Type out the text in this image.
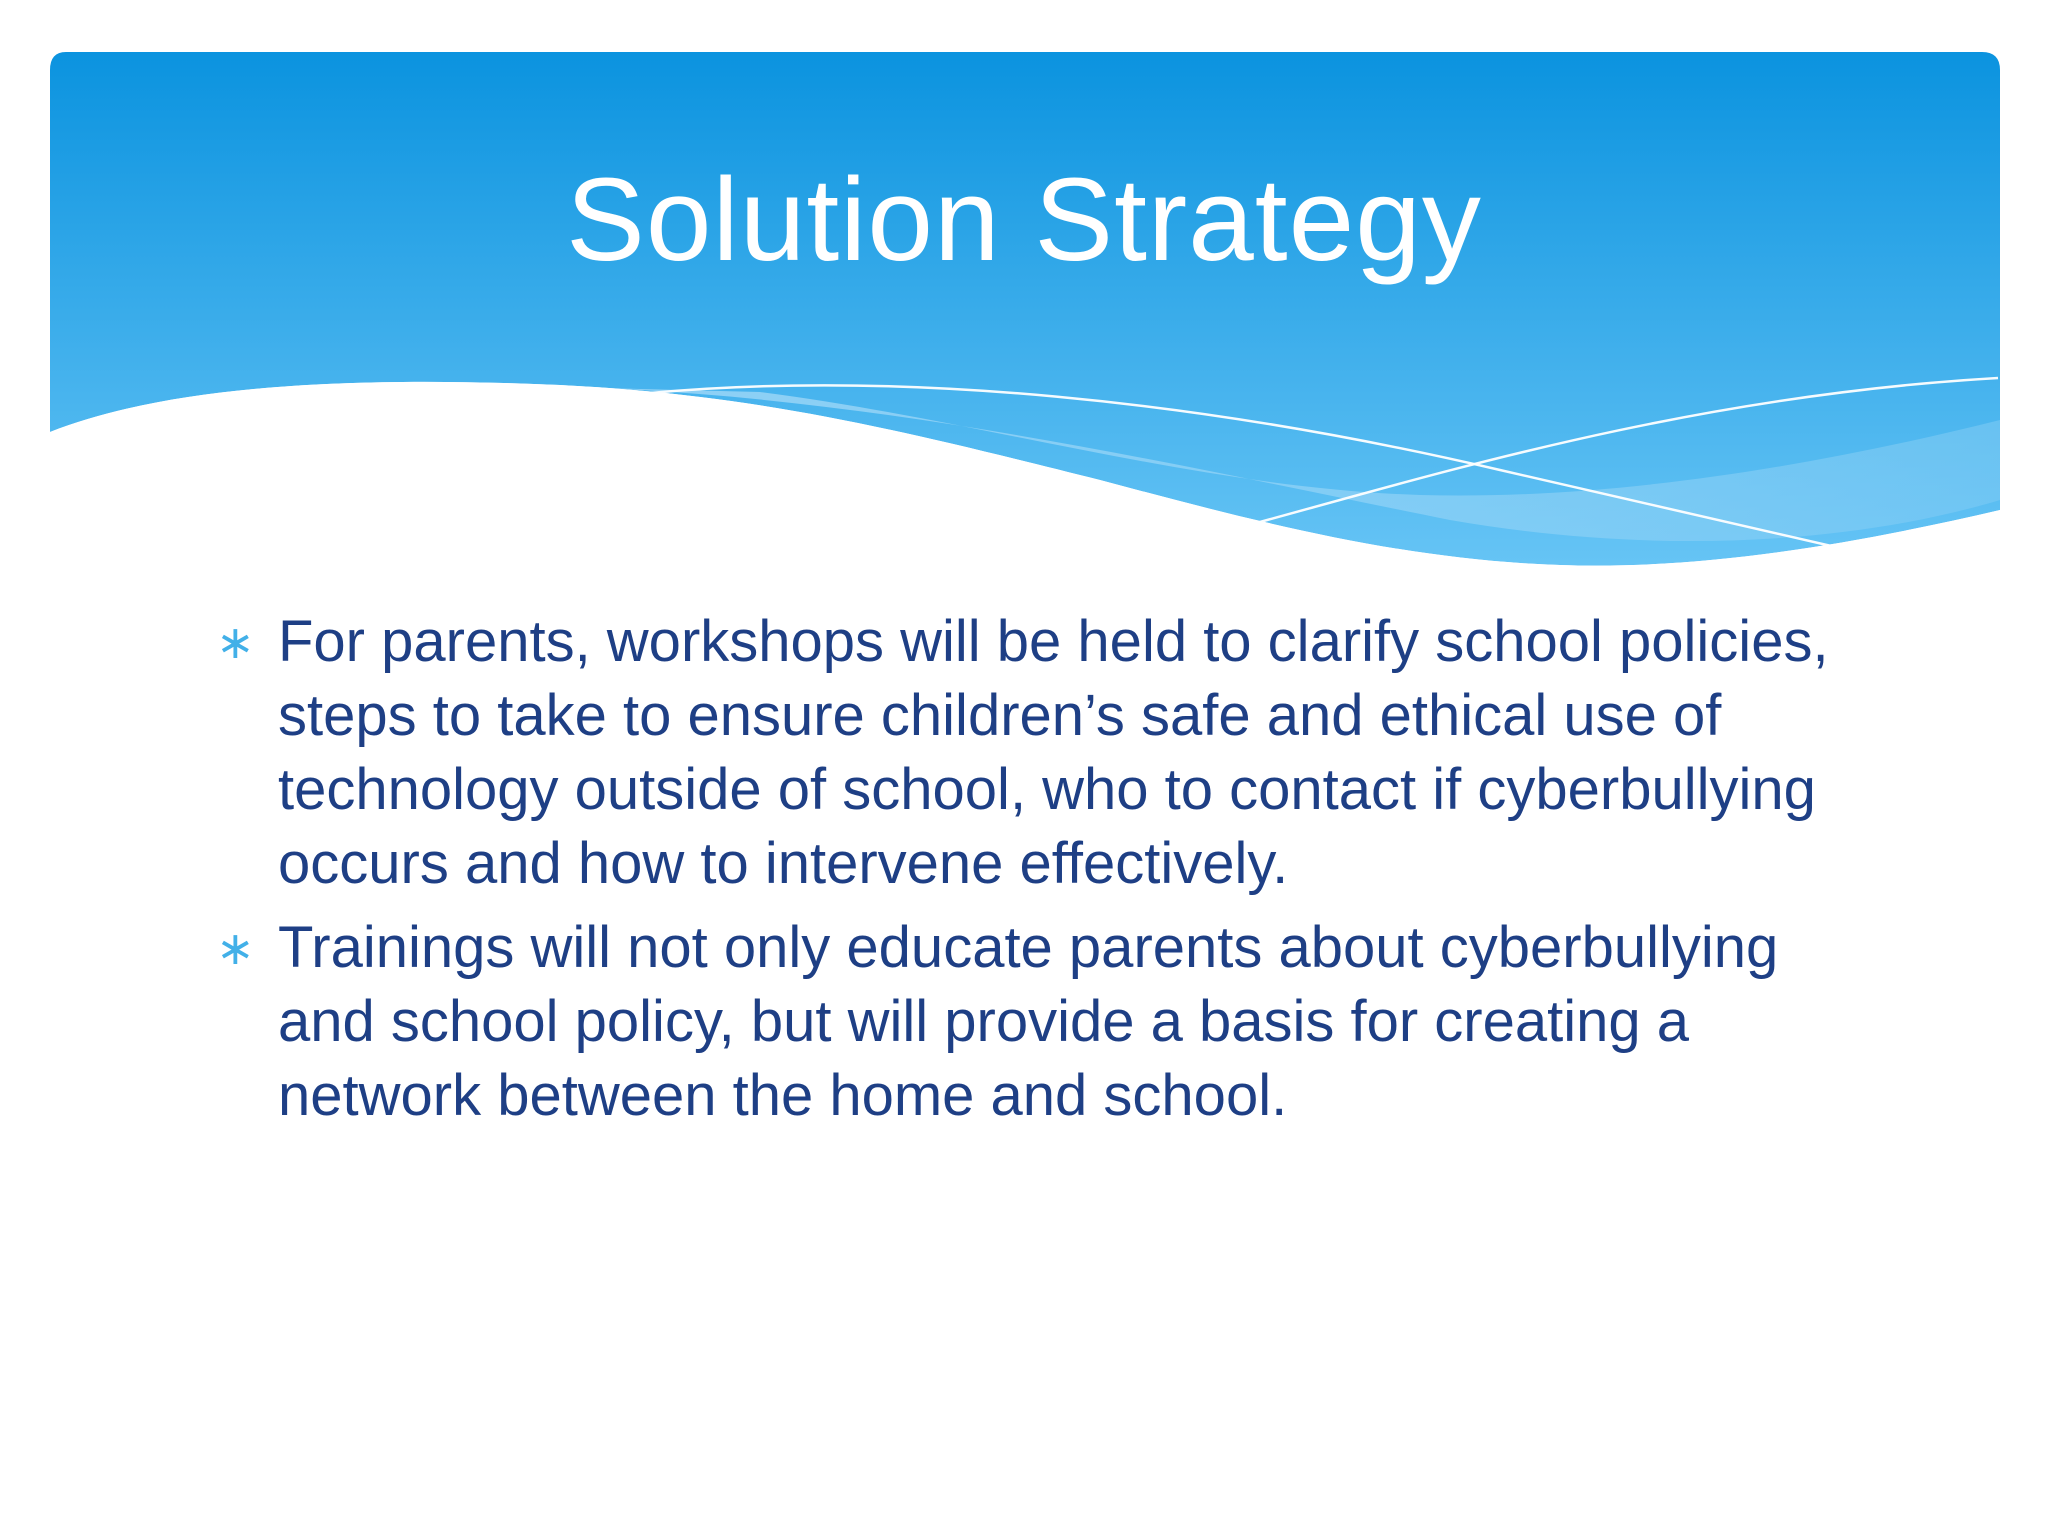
Solution Strategy
∗ For parents, workshops will be held to clarify school policies, steps to take to ensure children’s safe and ethical use of technology outside of school, who to contact if cyberbullying occurs and how to intervene effectively.
∗ Trainings will not only educate parents about cyberbullying and school policy, but will provide a basis for creating a network between the home and school.
